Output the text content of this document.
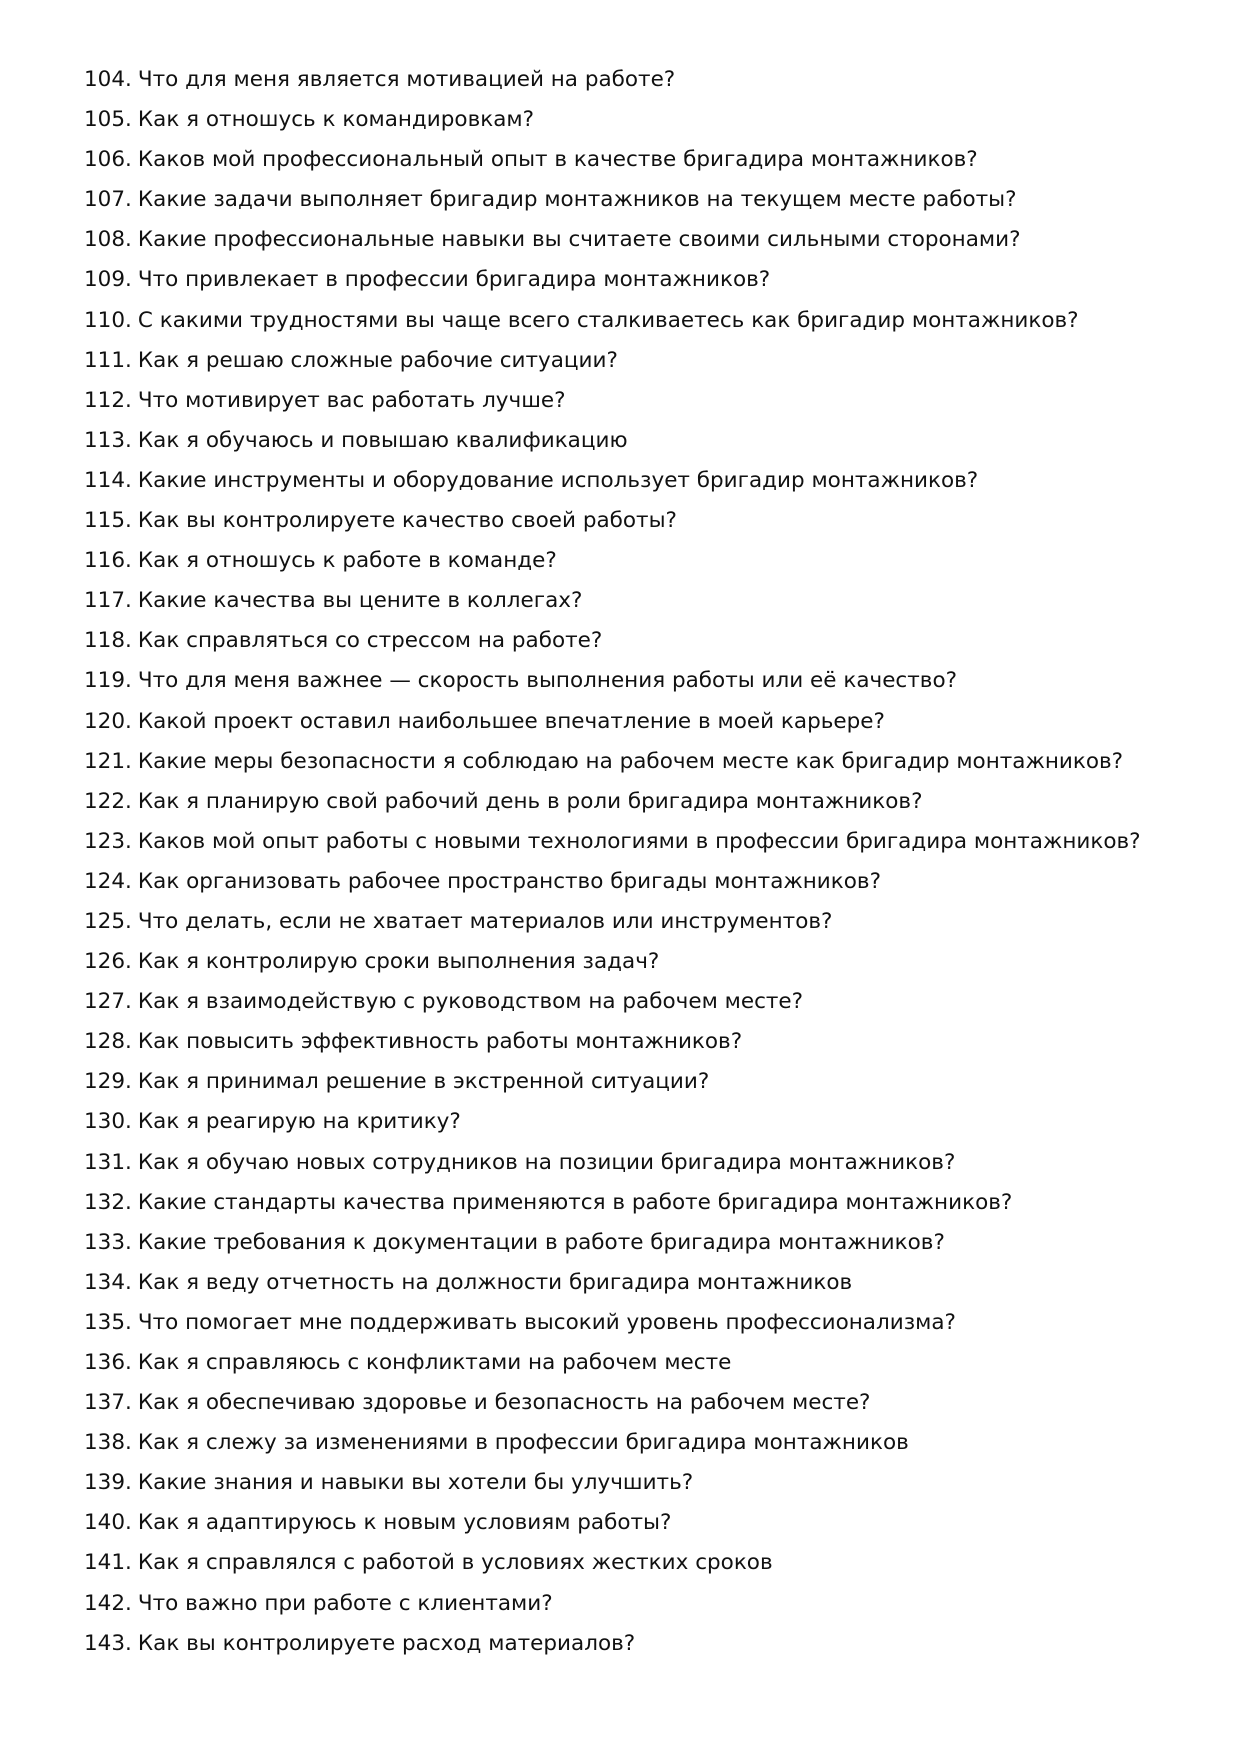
104. Что для меня является мотивацией на работе?
105. Как я отношусь к командировкам?
106. Каков мой профессиональный опыт в качестве бригадира монтажников?
107. Какие задачи выполняет бригадир монтажников на текущем месте работы?
108. Какие профессиональные навыки вы считаете своими сильными сторонами?
109. Что привлекает в профессии бригадира монтажников?
110. С какими трудностями вы чаще всего сталкиваетесь как бригадир монтажников?
111. Как я решаю сложные рабочие ситуации?
112. Что мотивирует вас работать лучше?
113. Как я обучаюсь и повышаю квалификацию
114. Какие инструменты и оборудование использует бригадир монтажников?
115. Как вы контролируете качество своей работы?
116. Как я отношусь к работе в команде?
117. Какие качества вы цените в коллегах?
118. Как справляться со стрессом на работе?
119. Что для меня важнее — скорость выполнения работы или её качество?
120. Какой проект оставил наибольшее впечатление в моей карьере?
121. Какие меры безопасности я соблюдаю на рабочем месте как бригадир монтажников?
122. Как я планирую свой рабочий день в роли бригадира монтажников?
123. Каков мой опыт работы с новыми технологиями в профессии бригадира монтажников?
124. Как организовать рабочее пространство бригады монтажников?
125. Что делать, если не хватает материалов или инструментов?
126. Как я контролирую сроки выполнения задач?
127. Как я взаимодействую с руководством на рабочем месте?
128. Как повысить эффективность работы монтажников?
129. Как я принимал решение в экстренной ситуации?
130. Как я реагирую на критику?
131. Как я обучаю новых сотрудников на позиции бригадира монтажников?
132. Какие стандарты качества применяются в работе бригадира монтажников?
133. Какие требования к документации в работе бригадира монтажников?
134. Как я веду отчетность на должности бригадира монтажников
135. Что помогает мне поддерживать высокий уровень профессионализма?
136. Как я справляюсь с конфликтами на рабочем месте
137. Как я обеспечиваю здоровье и безопасность на рабочем месте?
138. Как я слежу за изменениями в профессии бригадира монтажников
139. Какие знания и навыки вы хотели бы улучшить?
140. Как я адаптируюсь к новым условиям работы?
141. Как я справлялся с работой в условиях жестких сроков
142. Что важно при работе с клиентами?
143. Как вы контролируете расход материалов?
